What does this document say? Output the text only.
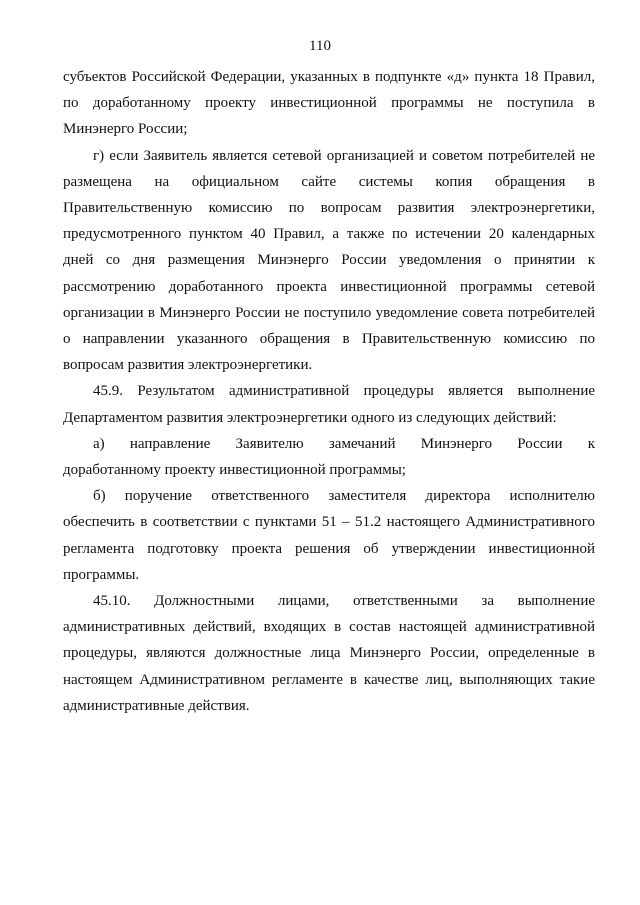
110

субъектов Российской Федерации, указанных в подпункте «д» пункта 18 Правил,
по доработанному проекту инвестиционной программы не поступила в
Минэнерго России;

г) если Заявитель является сетевой организацией и советом потребителей не
размещена на официальном сайте системы копия обращения в
Правительственную комиссию по вопросам развития электроэнергетики,
предусмотренного пунктом 40 Правил, а также по истечении 20 календарных
дней со дня размещения Минэнерго России уведомления о принятии к
рассмотрению доработанного проекта инвестиционной программы сетевой
организации в Минэнерго России не поступило уведомление совета потребителей
о направлении указанного обращения в Правительственную комиссию по
вопросам развития электроэнергетики.

45.9. Результатом административной процедуры является выполнение
Департаментом развития электроэнергетики одного из следующих действий:

а) направление Заявителю замечаний Минэнерго России к
доработанному проекту инвестиционной программы;

б) поручение ответственного заместителя директора исполнителю
обеспечить в соответствии с пунктами 51 – 51.2 настоящего Административного
регламента подготовку проекта решения об утверждении инвестиционной
программы.

45.10. Должностными лицами, ответственными за выполнение
административных действий, входящих в состав настоящей административной
процедуры, являются должностные лица Минэнерго России, определенные в
настоящем Административном регламенте в качестве лиц, выполняющих такие
административные действия.
